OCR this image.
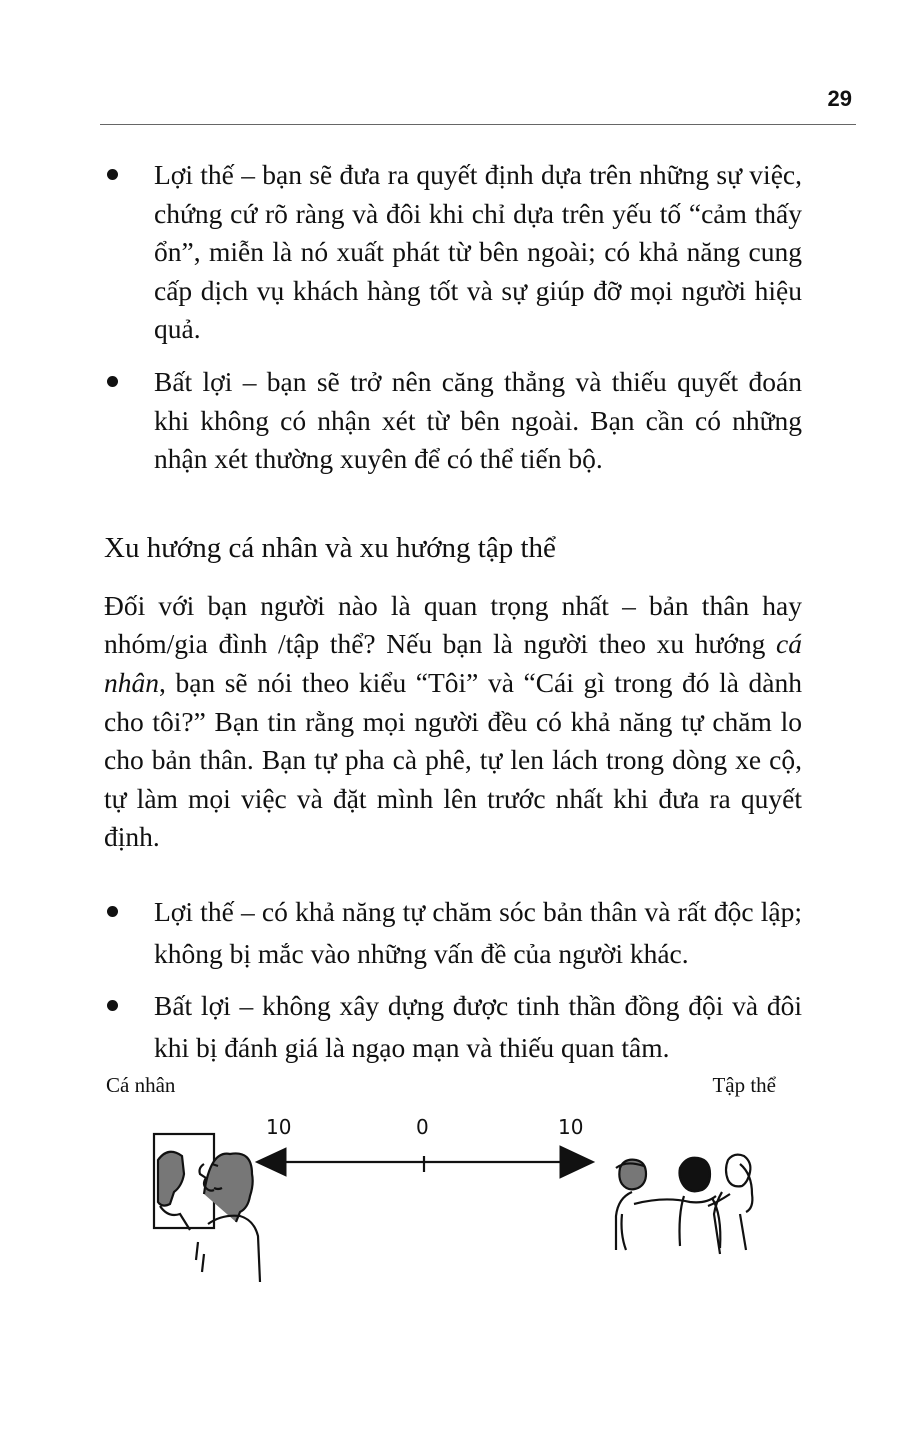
29
Lợi thế – bạn sẽ đưa ra quyết định dựa trên những sự việc, chứng cứ rõ ràng và đôi khi chỉ dựa trên yếu tố “cảm thấy ổn”, miễn là nó xuất phát từ bên ngoài; có khả năng cung cấp dịch vụ khách hàng tốt và sự giúp đỡ mọi người hiệu quả.
Bất lợi – bạn sẽ trở nên căng thẳng và thiếu quyết đoán khi không có nhận xét từ bên ngoài. Bạn cần có những nhận xét thường xuyên để có thể tiến bộ.
Xu hướng cá nhân và xu hướng tập thể

Đối với bạn người nào là quan trọng nhất – bản thân hay nhóm/gia đình /tập thể? Nếu bạn là người theo xu hướng cá nhân, bạn sẽ nói theo kiểu “Tôi” và “Cái gì trong đó là dành cho tôi?” Bạn tin rằng mọi người đều có khả năng tự chăm lo cho bản thân. Bạn tự pha cà phê, tự len lách trong dòng xe cộ, tự làm mọi việc và đặt mình lên trước nhất khi đưa ra quyết định.

Lợi thế – có khả năng tự chăm sóc bản thân và rất độc lập; không bị mắc vào những vấn đề của người khác.
Bất lợi – không xây dựng được tinh thần đồng đội và đôi khi bị đánh giá là ngạo mạn và thiếu quan tâm.
Cá nhân	Tập thể
10	0	10
